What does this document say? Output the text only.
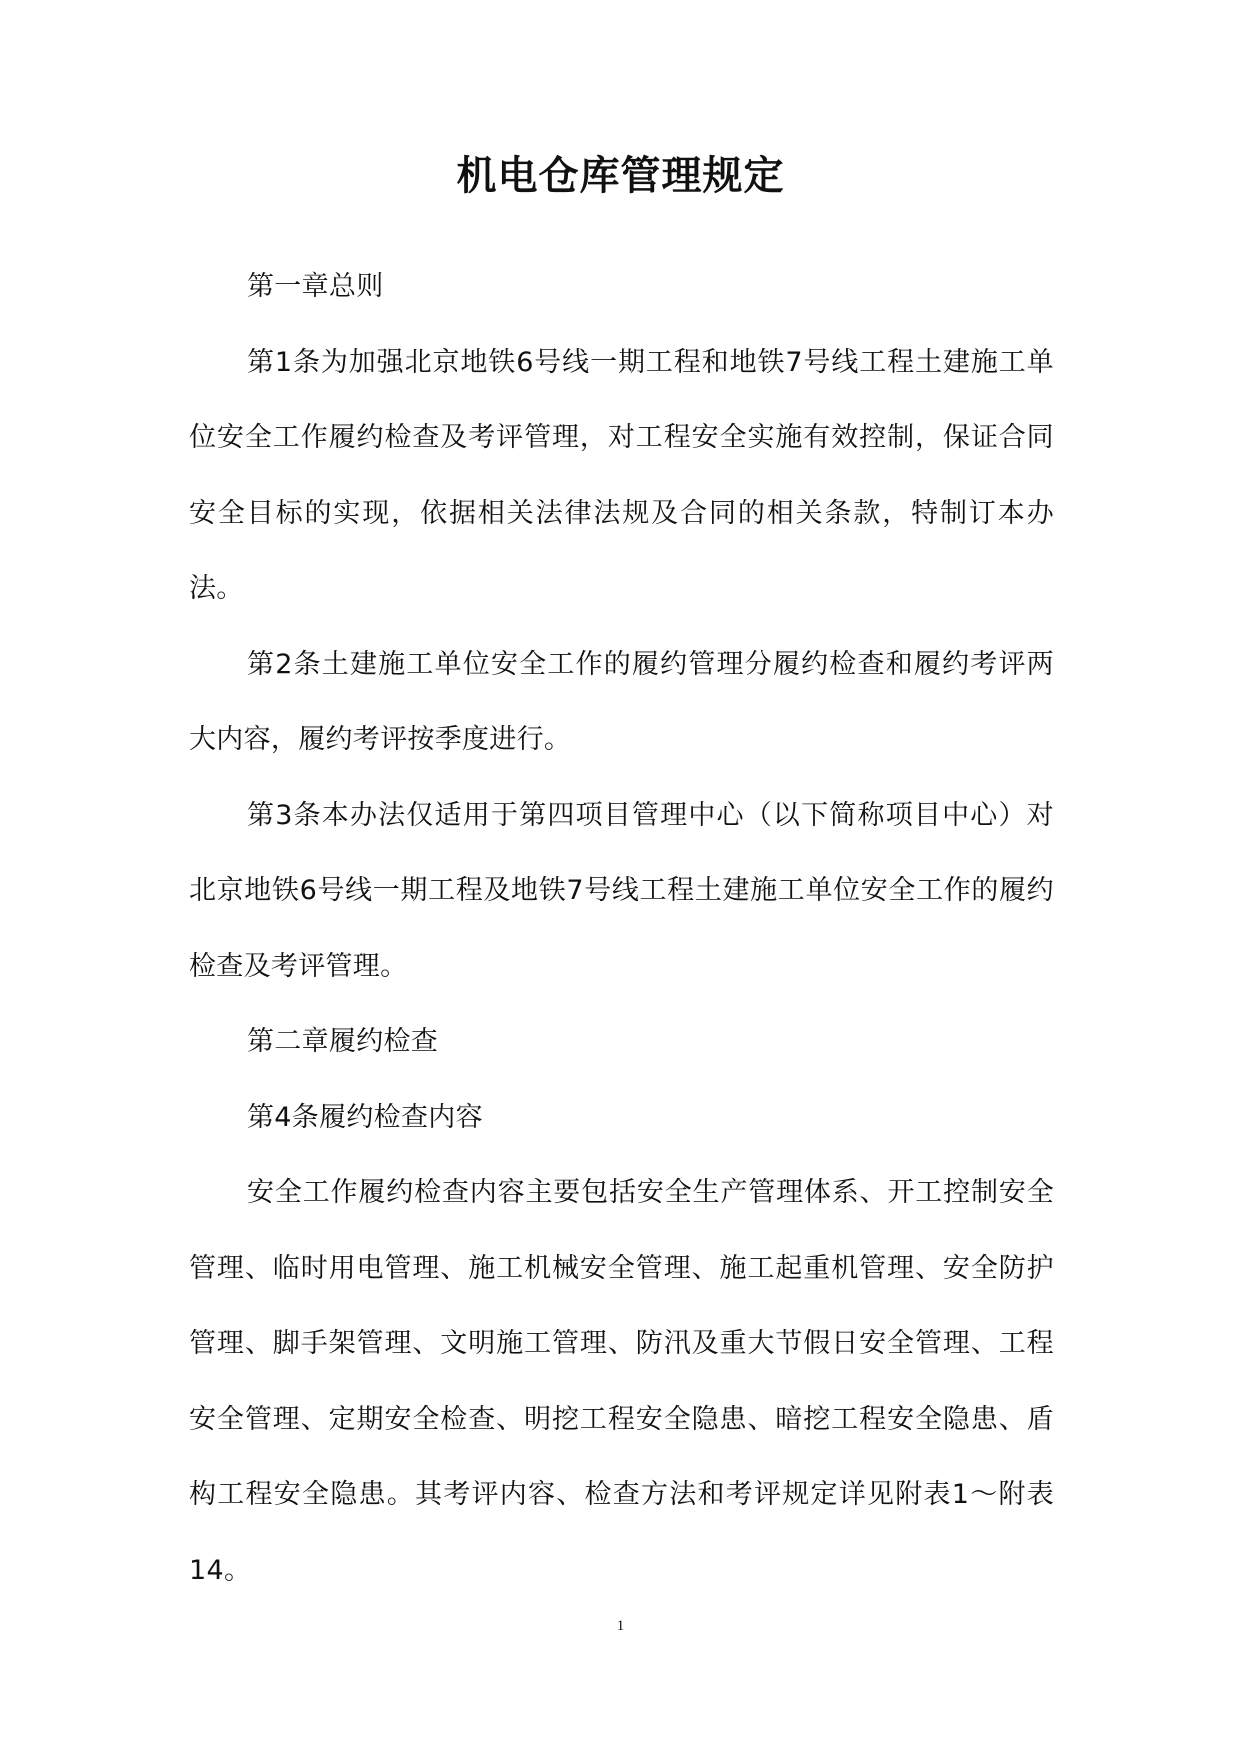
机电仓库管理规定

第一章总则

第1条为加强北京地铁6号线一期工程和地铁7号线工程土建施工单位安全工作履约检查及考评管理，对工程安全实施有效控制，保证合同安全目标的实现，依据相关法律法规及合同的相关条款，特制订本办法。

第2条土建施工单位安全工作的履约管理分履约检查和履约考评两大内容，履约考评按季度进行。

第3条本办法仅适用于第四项目管理中心（以下简称项目中心）对北京地铁6号线一期工程及地铁7号线工程土建施工单位安全工作的履约检查及考评管理。

第二章履约检查

第4条履约检查内容

安全工作履约检查内容主要包括安全生产管理体系、开工控制安全管理、临时用电管理、施工机械安全管理、施工起重机管理、安全防护管理、脚手架管理、文明施工管理、防汛及重大节假日安全管理、工程安全管理、定期安全检查、明挖工程安全隐患、暗挖工程安全隐患、盾构工程安全隐患。其考评内容、检查方法和考评规定详见附表1～附表14。

1
